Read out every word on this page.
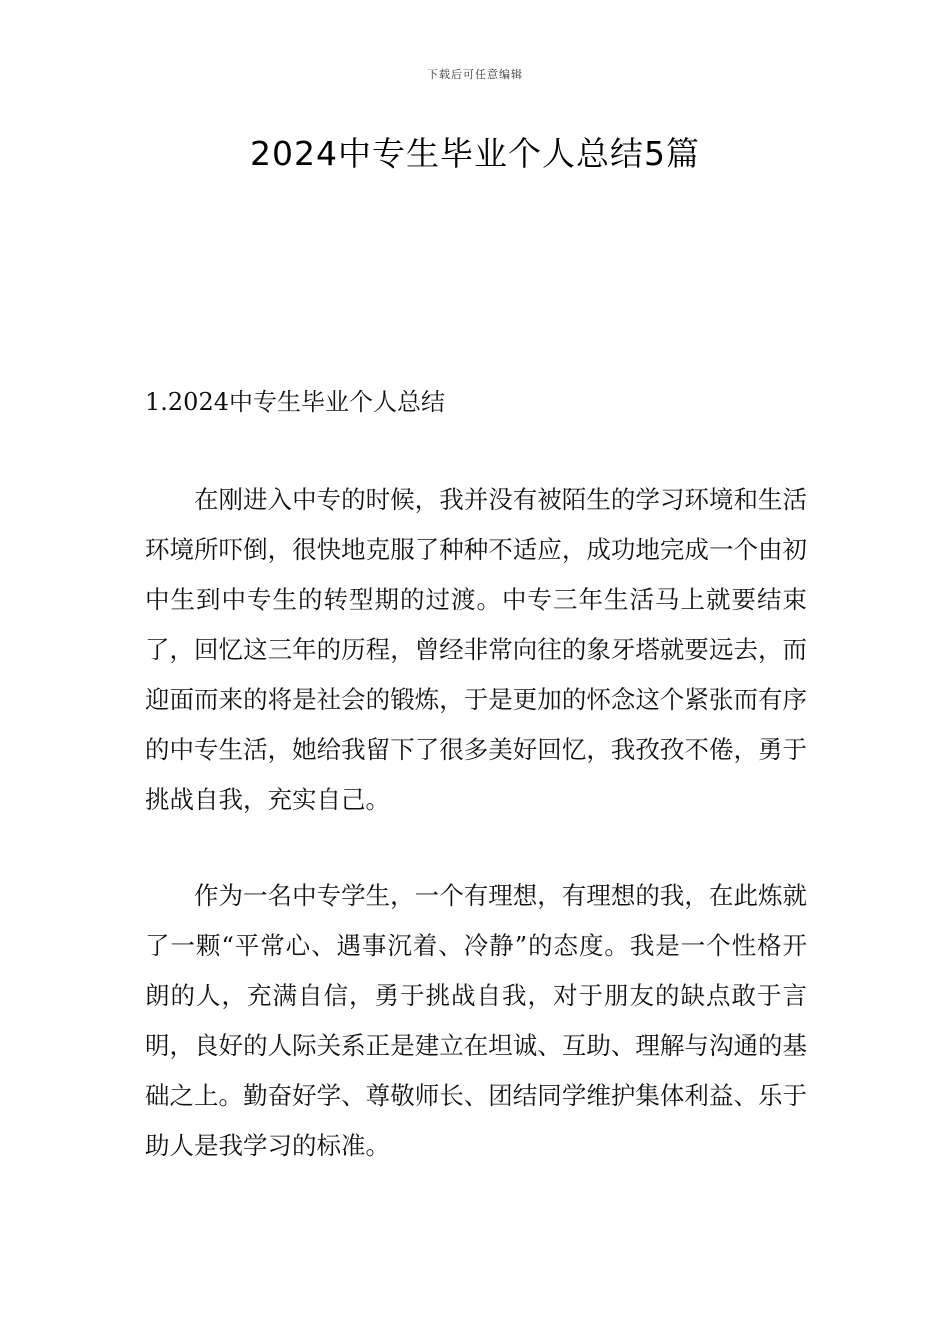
下载后可任意编辑
2024中专生毕业个人总结5篇
1.2024中专生毕业个人总结

在刚进入中专的时候，我并没有被陌生的学习环境和生活环境所吓倒，很快地克服了种种不适应，成功地完成一个由初中生到中专生的转型期的过渡。中专三年生活马上就要结束了，回忆这三年的历程，曾经非常向往的象牙塔就要远去，而迎面而来的将是社会的锻炼，于是更加的怀念这个紧张而有序的中专生活，她给我留下了很多美好回忆，我孜孜不倦，勇于挑战自我，充实自己。

作为一名中专学生，一个有理想，有理想的我，在此炼就了一颗“平常心、遇事沉着、冷静”的态度。我是一个性格开朗的人，充满自信，勇于挑战自我，对于朋友的缺点敢于言明，良好的人际关系正是建立在坦诚、互助、理解与沟通的基础之上。勤奋好学、尊敬师长、团结同学维护集体利益、乐于助人是我学习的标准。
